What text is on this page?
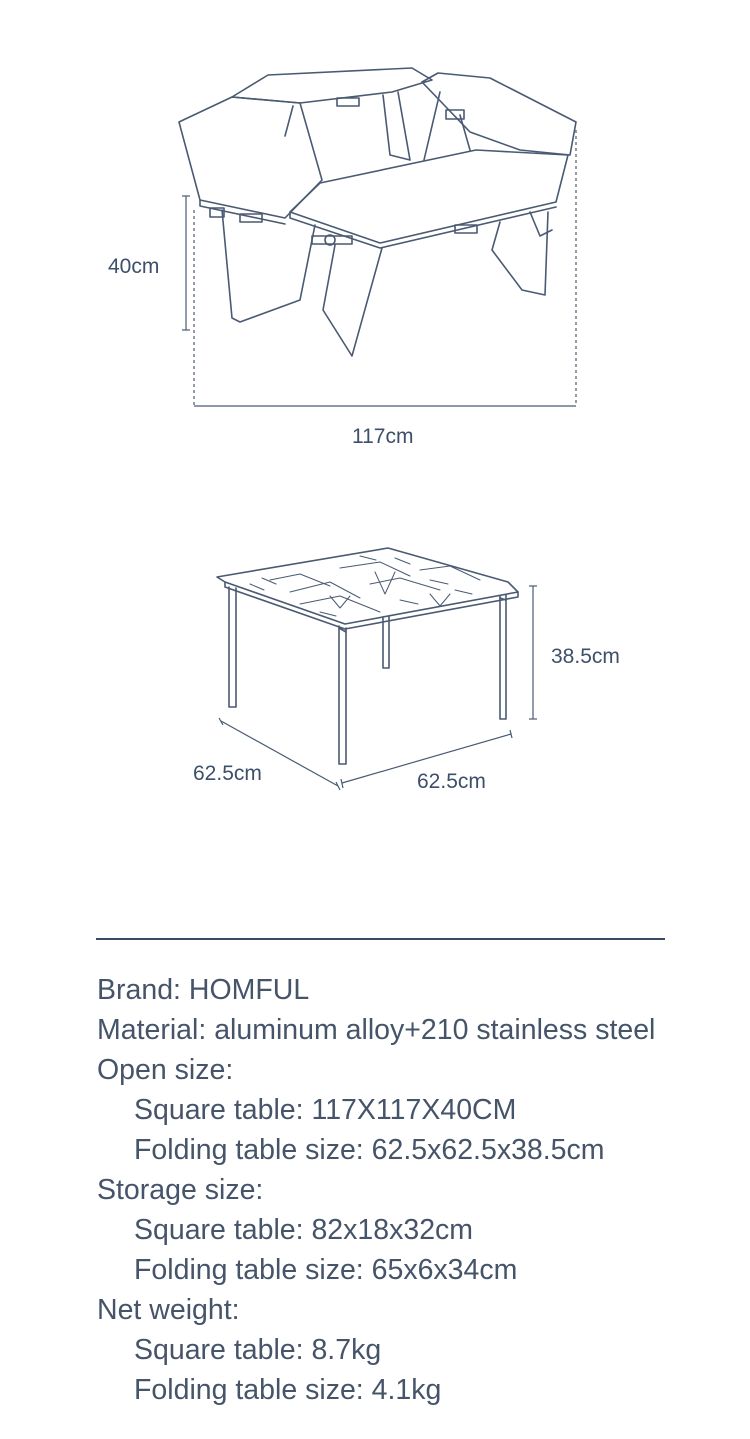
40cm
117cm
38.5cm
62.5cm	62.5cm
Brand: HOMFUL
Material: aluminum alloy+210 stainless steel
Open size:
Square table: 117X117X40CM
Folding table size: 62.5x62.5x38.5cm
Storage size:
Square table: 82x18x32cm
Folding table size: 65x6x34cm
Net weight:
Square table: 8.7kg
Folding table size: 4.1kg
